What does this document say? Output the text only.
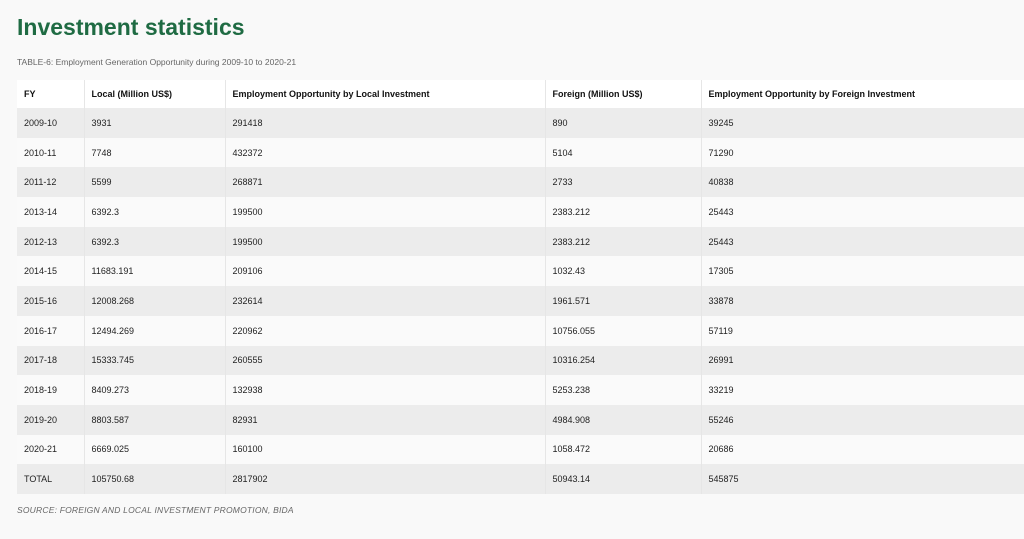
Investment statistics
TABLE-6: Employment Generation Opportunity during 2009-10 to 2020-21
FY	Local (Million US$)	Employment Opportunity by Local Investment	Foreign (Million US$)	Employment Opportunity by Foreign Investment
2009-10	3931	291418	890	39245
2010-11	7748	432372	5104	71290
2011-12	5599	268871	2733	40838
2013-14	6392.3	199500	2383.212	25443
2012-13	6392.3	199500	2383.212	25443
2014-15	11683.191	209106	1032.43	17305
2015-16	12008.268	232614	1961.571	33878
2016-17	12494.269	220962	10756.055	57119
2017-18	15333.745	260555	10316.254	26991
2018-19	8409.273	132938	5253.238	33219
2019-20	8803.587	82931	4984.908	55246
2020-21	6669.025	160100	1058.472	20686
TOTAL	105750.68	2817902	50943.14	545875
SOURCE: FOREIGN AND LOCAL INVESTMENT PROMOTION, BIDA
